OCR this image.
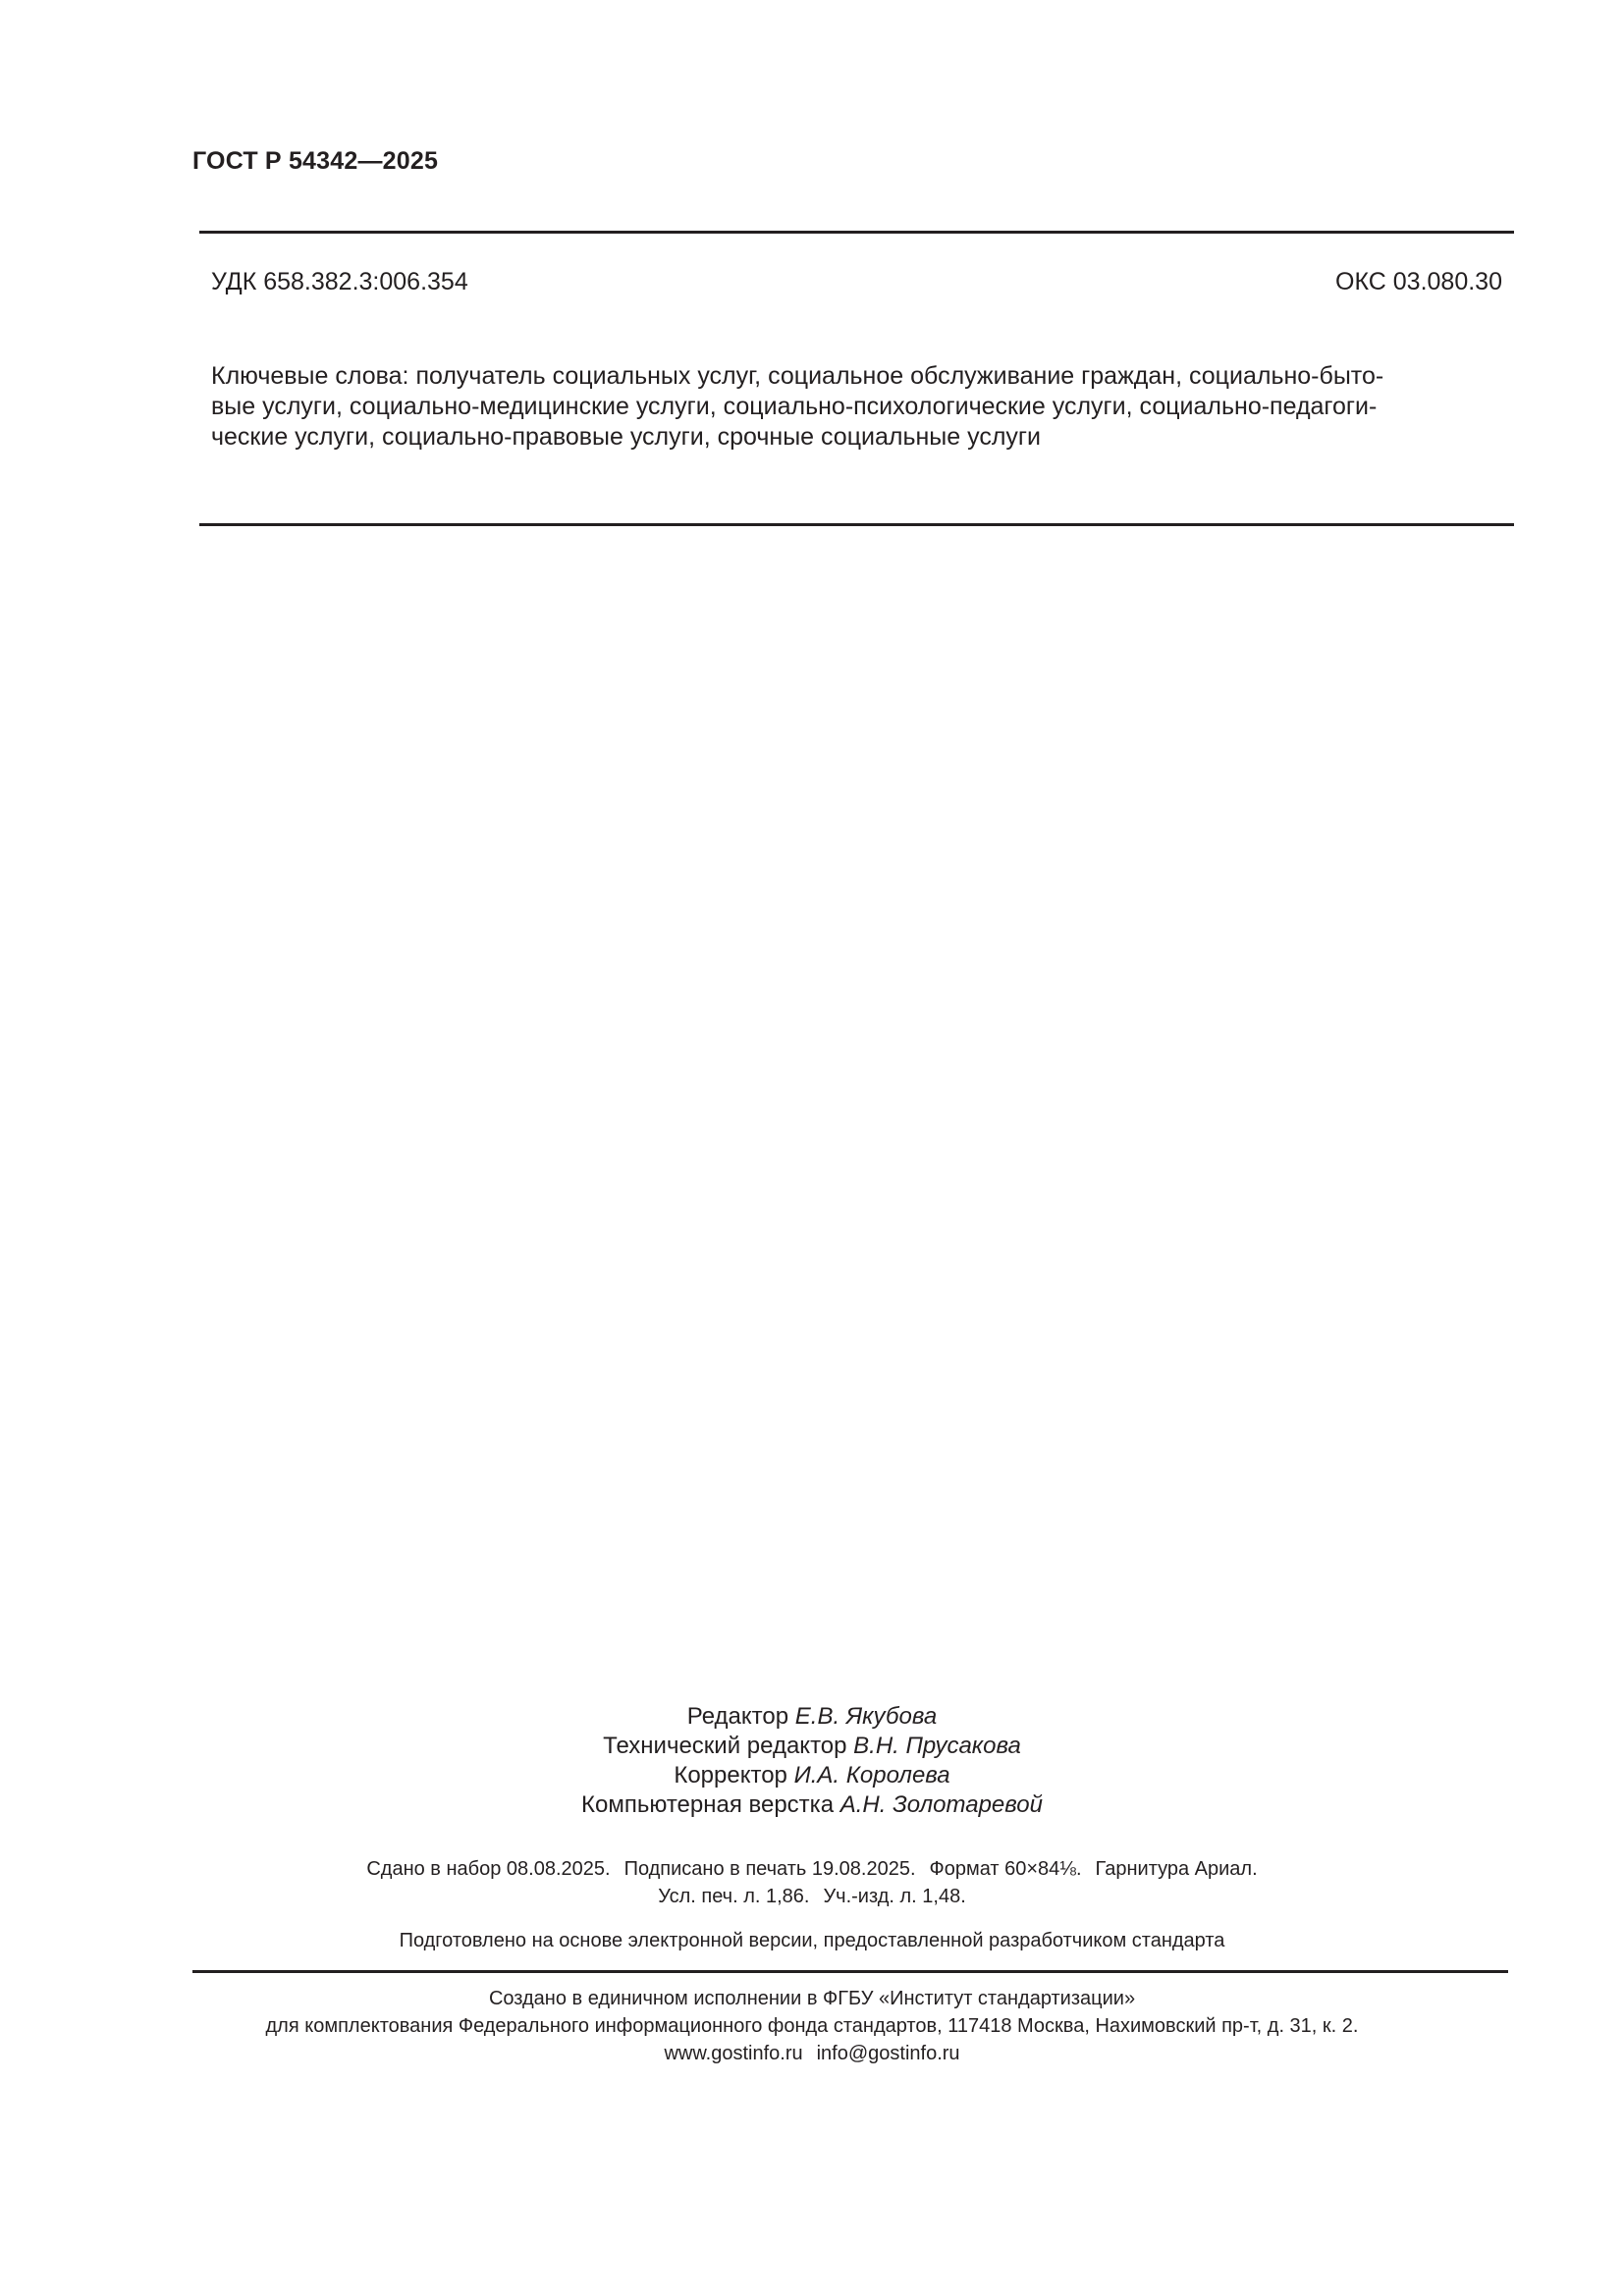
ГОСТ Р 54342—2025
УДК 658.382.3:006.354	ОКС 03.080.30
Ключевые слова: получатель социальных услуг, социальное обслуживание граждан, социально-быто-
вые услуги, социально-медицинские услуги, социально-психологические услуги, социально-педагоги-
ческие услуги, социально-правовые услуги, срочные социальные услуги
Редактор Е.В. Якубова
Технический редактор В.Н. Прусакова
Корректор И.А. Королева
Компьютерная верстка А.Н. Золотаревой
Сдано в набор 08.08.2025. Подписано в печать 19.08.2025. Формат 60×84⅛. Гарнитура Ариал.
Усл. печ. л. 1,86. Уч.-изд. л. 1,48.
Подготовлено на основе электронной версии, предоставленной разработчиком стандарта
Создано в единичном исполнении в ФГБУ «Институт стандартизации»
для комплектования Федерального информационного фонда стандартов, 117418 Москва, Нахимовский пр-т, д. 31, к. 2.
www.gostinfo.ru info@gostinfo.ru
